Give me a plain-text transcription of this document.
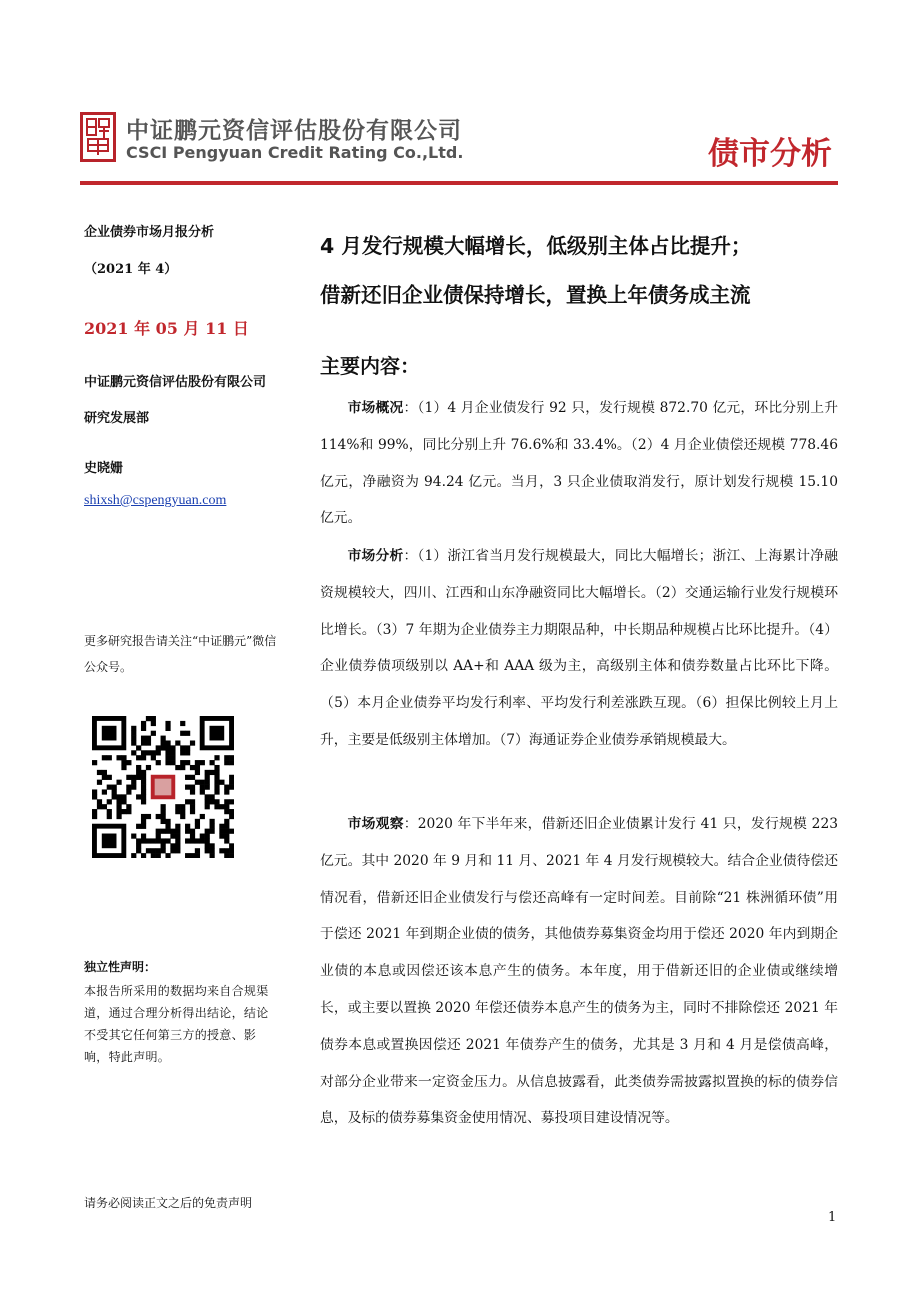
中证鹏元资信评估股份有限公司
CSCI Pengyuan Credit Rating Co.,Ltd.	债市分析
企业债券市场月报分析
（2021 年 4）
2021 年 05 月 11 日
中证鹏元资信评估股份有限公司
研究发展部
史晓姗
shixsh@cspengyuan.com
更多研究报告请关注“中证鹏元”微信公众号。
独立性声明：
本报告所采用的数据均来自合规渠道，通过合理分析得出结论，结论不受其它任何第三方的授意、影响，特此声明。
4 月发行规模大幅增长，低级别主体占比提升；
借新还旧企业债保持增长，置换上年债务成主流
主要内容：

市场概况：（1）4 月企业债发行 92 只，发行规模 872.70 亿元，环比分别上升 114%和 99%，同比分别上升 76.6%和 33.4%。（2）4 月企业债偿还规模 778.46 亿元，净融资为 94.24 亿元。当月，3 只企业债取消发行，原计划发行规模 15.10 亿元。

市场分析：（1）浙江省当月发行规模最大，同比大幅增长；浙江、上海累计净融资规模较大，四川、江西和山东净融资同比大幅增长。（2）交通运输行业发行规模环比增长。（3）7 年期为企业债券主力期限品种，中长期品种规模占比环比提升。（4）企业债券债项级别以 AA+和 AAA 级为主，高级别主体和债券数量占比环比下降。（5）本月企业债券平均发行利率、平均发行利差涨跌互现。（6）担保比例较上月上升，主要是低级别主体增加。（7）海通证券企业债券承销规模最大。

市场观察：2020 年下半年来，借新还旧企业债累计发行 41 只，发行规模 223 亿元。其中 2020 年 9 月和 11 月、2021 年 4 月发行规模较大。结合企业债待偿还情况看，借新还旧企业债发行与偿还高峰有一定时间差。目前除“21 株洲循环债”用于偿还 2021 年到期企业债的债务，其他债券募集资金均用于偿还 2020 年内到期企业债的本息或因偿还该本息产生的债务。本年度，用于借新还旧的企业债或继续增长，或主要以置换 2020 年偿还债券本息产生的债务为主，同时不排除偿还 2021 年债券本息或置换因偿还 2021 年债券产生的债务，尤其是 3 月和 4 月是偿债高峰，对部分企业带来一定资金压力。从信息披露看，此类债券需披露拟置换的标的债券信息，及标的债券募集资金使用情况、募投项目建设情况等。

请务必阅读正文之后的免责声明
1
